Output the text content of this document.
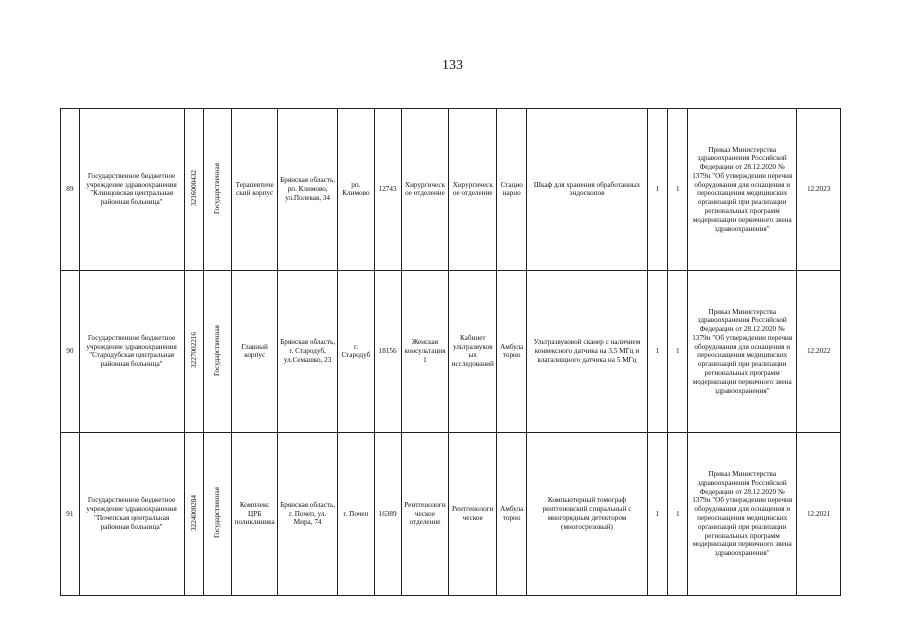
133
89	Государственное бюджетное учреждение здравоохранения "Клинцовская центральная районная больница"	3216000432	Государственная	Терапевтический корпус	Брянская область, рп. Климово, ул.Полевая, 34	рп. Климово	12743	Хирургическое отделение	Хирургическое отделение	Стационарно	Шкаф для хранения обработанных эндоскопов	1	1	Приказ Министерства здравоохранения Российской Федерации от 28.12.2020 № 1379н "Об утверждении перечня оборудования для оснащения и переоснащения медицинских организаций при реализации региональных программ модернизации первичного звена здравоохранения"	12.2023
90	Государственное бюджетное учреждение здравоохранения "Стародубская центральная районная больница"	3227002216	Государственная	Главный корпус	Брянская область, г. Стародуб, ул.Семашко, 23	г. Стародуб	18156	Женская консультация 1	Кабинет ультразвуковых исследований	Амбулаторно	Ультразвуковой сканер с наличием конвексного датчика на 3,5 МГц и влагалищного датчика на 5 МГц	1	1	Приказ Министерства здравоохранения Российской Федерации от 28.12.2020 № 1379н "Об утверждении перечня оборудования для оснащения и переоснащения медицинских организаций при реализации региональных программ модернизации первичного звена здравоохранения"	12.2022
91	Государственное бюджетное учреждение здравоохранения "Почепская центральная районная больница"	3224000284	Государственная	Комплекс ЦРБ поликлиника	Брянская область, г. Почеп, ул. Мира, 74	г. Почеп	16389	Рентгенологическое отделение	Рентгенологическое	Амбулаторно	Компьютерный томограф рентгеновский спиральный с многорядным детектором (многосрезовый)	1	1	Приказ Министерства здравоохранения Российской Федерации от 28.12.2020 № 1379н "Об утверждении перечня оборудования для оснащения и переоснащения медицинских организаций при реализации региональных программ модернизации первичного звена здравоохранения"	12.2021
